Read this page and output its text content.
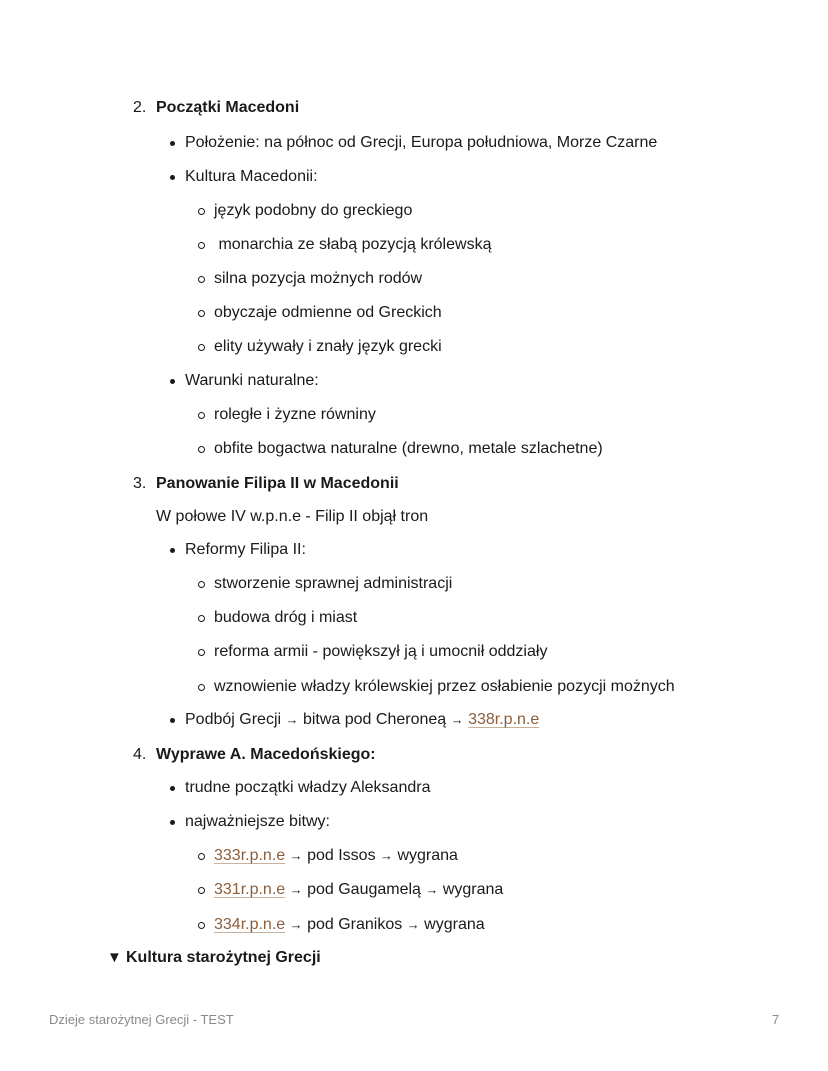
2. Początki Macedoni
Położenie: na północ od Grecji, Europa południowa, Morze Czarne
Kultura Macedonii:
język podobny do greckiego
monarchia ze słabą pozycją królewską
silna pozycja możnych rodów
obyczaje odmienne od Greckich
elity używały i znały język grecki
Warunki naturalne:
roległe i żyzne równiny
obfite bogactwa naturalne (drewno, metale szlachetne)
3. Panowanie Filipa II w Macedonii
W połowe IV w.p.n.e - Filip II objął tron
Reformy Filipa II:
stworzenie sprawnej administracji
budowa dróg i miast
reforma armii - powiększył ją i umocnił oddziały
wznowienie władzy królewskiej przez osłabienie pozycji możnych
Podbój Grecji → bitwa pod Cheroneą → 338r.p.n.e
4. Wyprawe A. Macedońskiego:
trudne początki władzy Aleksandra
najważniejsze bitwy:
333r.p.n.e → pod Issos → wygrana
331r.p.n.e → pod Gaugamelą → wygrana
334r.p.n.e → pod Granikos → wygrana
▼ Kultura starożytnej Grecji
Dzieje starożytnej Grecji - TEST	7
